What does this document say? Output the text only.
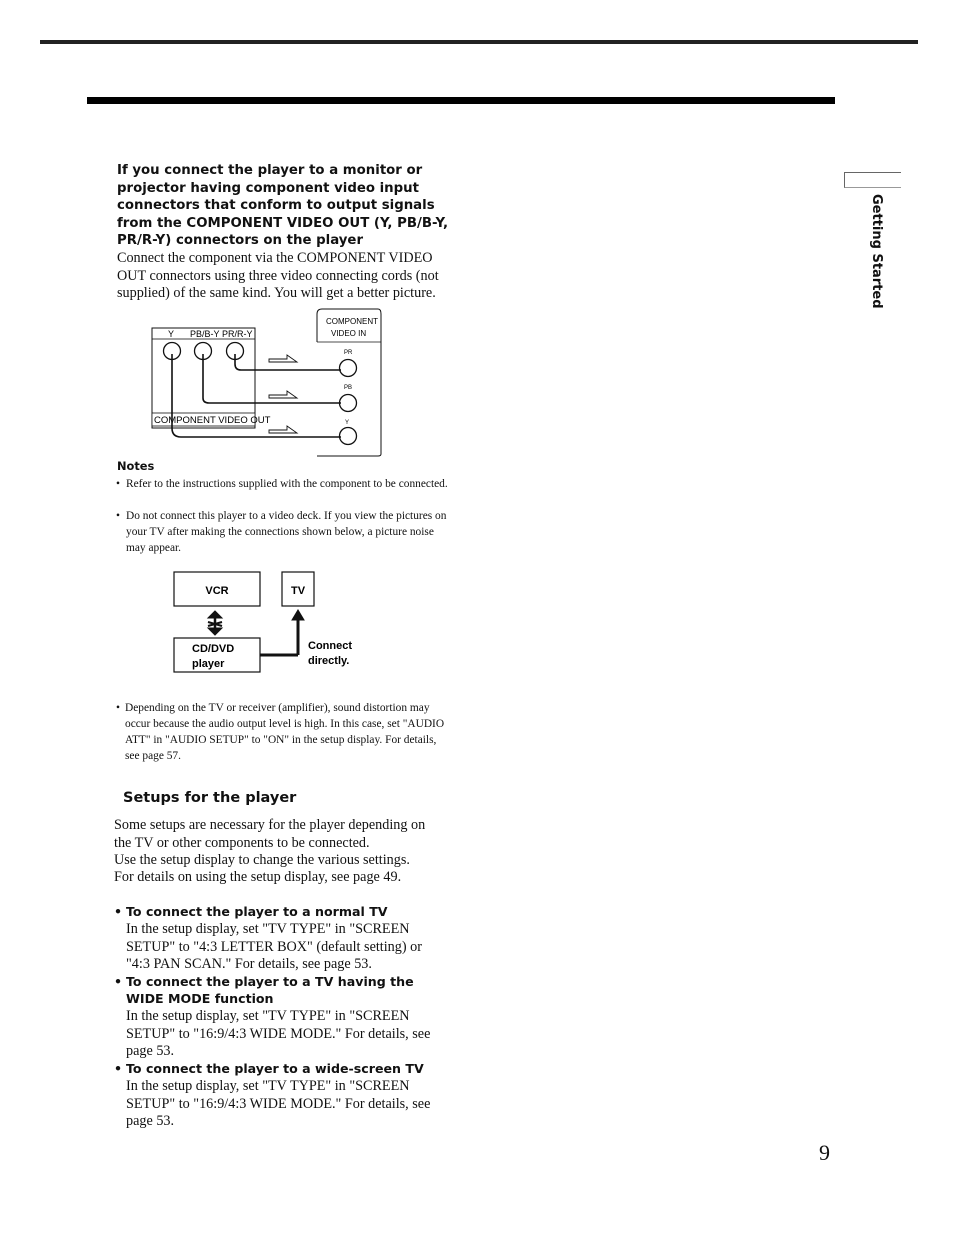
Getting Started
If you connect the player to a monitor or projector having component video input connectors that conform to output signals from the COMPONENT VIDEO OUT (Y, PB/B-Y, PR/R-Y) connectors on the player
Connect the component via the COMPONENT VIDEO OUT connectors using three video connecting cords (not supplied) of the same kind. You will get a better picture.
Y PB/B-Y PR/R-Y
COMPONENT VIDEO OUT
COMPONENT
VIDEO IN
PR
PB
Y
Notes
• Refer to the instructions supplied with the component to be connected.
• Do not connect this player to a video deck. If you view the pictures on your TV after making the connections shown below, a picture noise may appear.
VCR	TV
CD/DVD
player
Connect
directly.
• Depending on the TV or receiver (amplifier), sound distortion may occur because the audio output level is high. In this case, set "AUDIO ATT" in "AUDIO SETUP" to "ON" in the setup display. For details, see page 57.
Setups for the player
Some setups are necessary for the player depending on the TV or other components to be connected.
Use the setup display to change the various settings.
For details on using the setup display, see page 49.
• To connect the player to a normal TV
In the setup display, set "TV TYPE" in "SCREEN SETUP" to "4:3 LETTER BOX" (default setting) or "4:3 PAN SCAN." For details, see page 53.
• To connect the player to a TV having the WIDE MODE function
In the setup display, set "TV TYPE" in "SCREEN SETUP" to "16:9/4:3 WIDE MODE." For details, see page 53.
• To connect the player to a wide-screen TV
In the setup display, set "TV TYPE" in "SCREEN SETUP" to "16:9/4:3 WIDE MODE." For details, see page 53.
9
